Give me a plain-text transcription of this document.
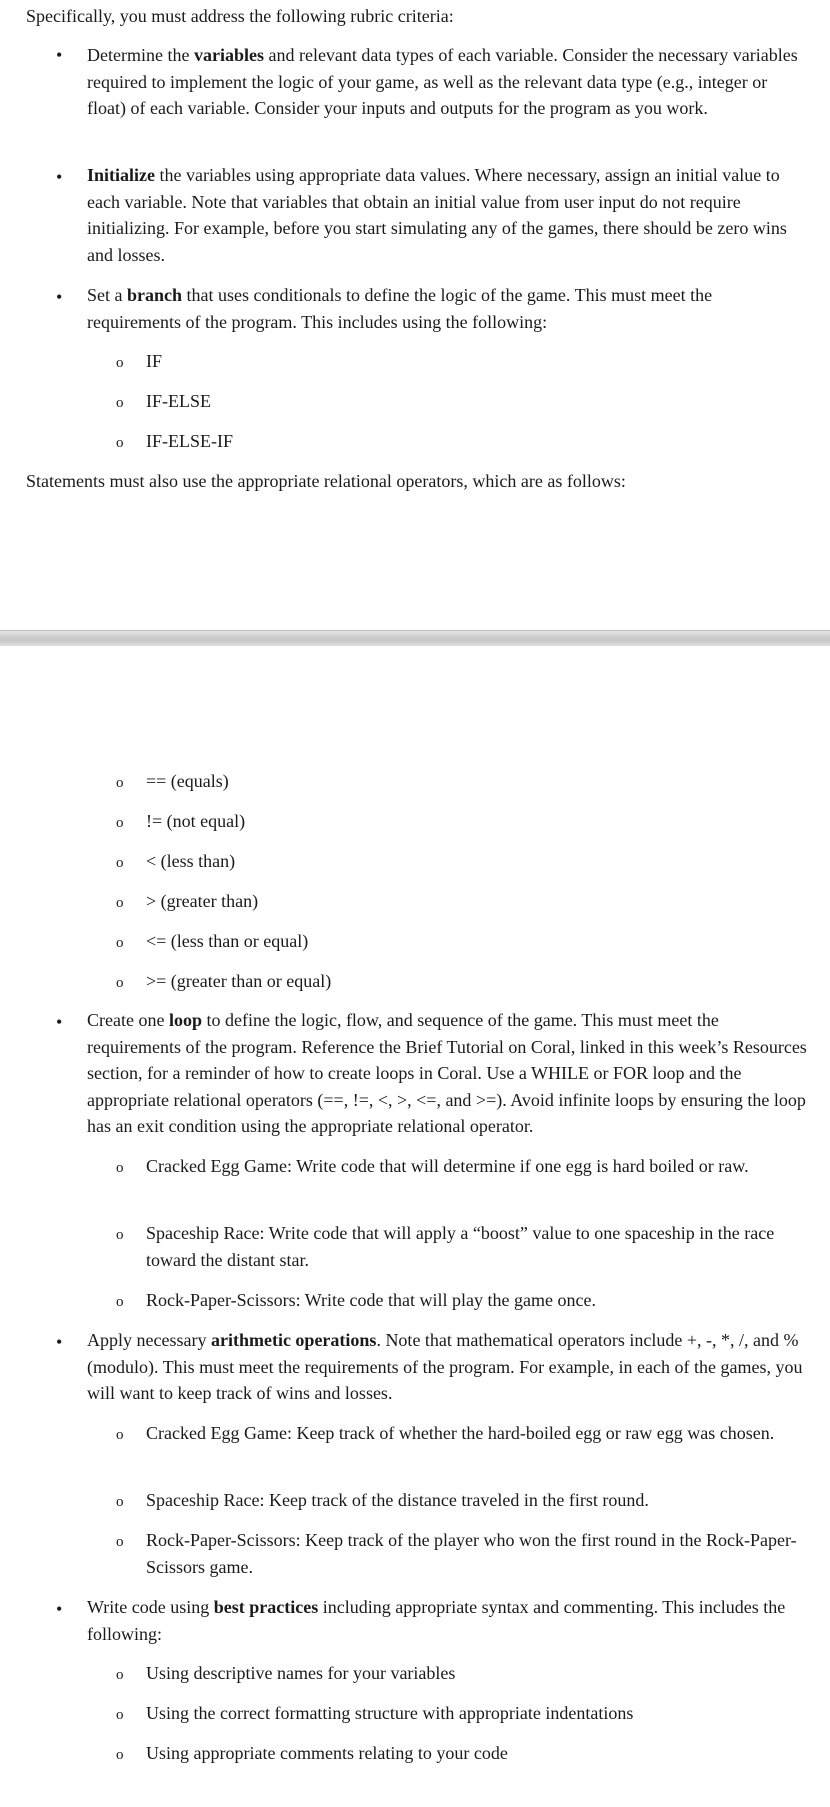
Specifically, you must address the following rubric criteria:

• Determine the variables and relevant data types of each variable. Consider the necessary variables required to implement the logic of your game, as well as the relevant data type (e.g., integer or float) of each variable. Consider your inputs and outputs for the program as you work.

• Initialize the variables using appropriate data values. Where necessary, assign an initial value to each variable. Note that variables that obtain an initial value from user input do not require initializing. For example, before you start simulating any of the games, there should be zero wins and losses.

• Set a branch that uses conditionals to define the logic of the game. This must meet the requirements of the program. This includes using the following:

o IF

o IF-ELSE

o IF-ELSE-IF

Statements must also use the appropriate relational operators, which are as follows:

o == (equals)

o != (not equal)

o < (less than)

o > (greater than)

o <= (less than or equal)

o >= (greater than or equal)

• Create one loop to define the logic, flow, and sequence of the game. This must meet the requirements of the program. Reference the Brief Tutorial on Coral, linked in this week’s Resources section, for a reminder of how to create loops in Coral. Use a WHILE or FOR loop and the appropriate relational operators (==, !=, <, >, <=, and >=). Avoid infinite loops by ensuring the loop has an exit condition using the appropriate relational operator.

o Cracked Egg Game: Write code that will determine if one egg is hard boiled or raw.

o Spaceship Race: Write code that will apply a “boost” value to one spaceship in the race toward the distant star.

o Rock-Paper-Scissors: Write code that will play the game once.

• Apply necessary arithmetic operations. Note that mathematical operators include +, -, *, /, and % (modulo). This must meet the requirements of the program. For example, in each of the games, you will want to keep track of wins and losses.

o Cracked Egg Game: Keep track of whether the hard-boiled egg or raw egg was chosen.

o Spaceship Race: Keep track of the distance traveled in the first round.

o Rock-Paper-Scissors: Keep track of the player who won the first round in the Rock-Paper-Scissors game.

• Write code using best practices including appropriate syntax and commenting. This includes the following:

o Using descriptive names for your variables

o Using the correct formatting structure with appropriate indentations

o Using appropriate comments relating to your code
